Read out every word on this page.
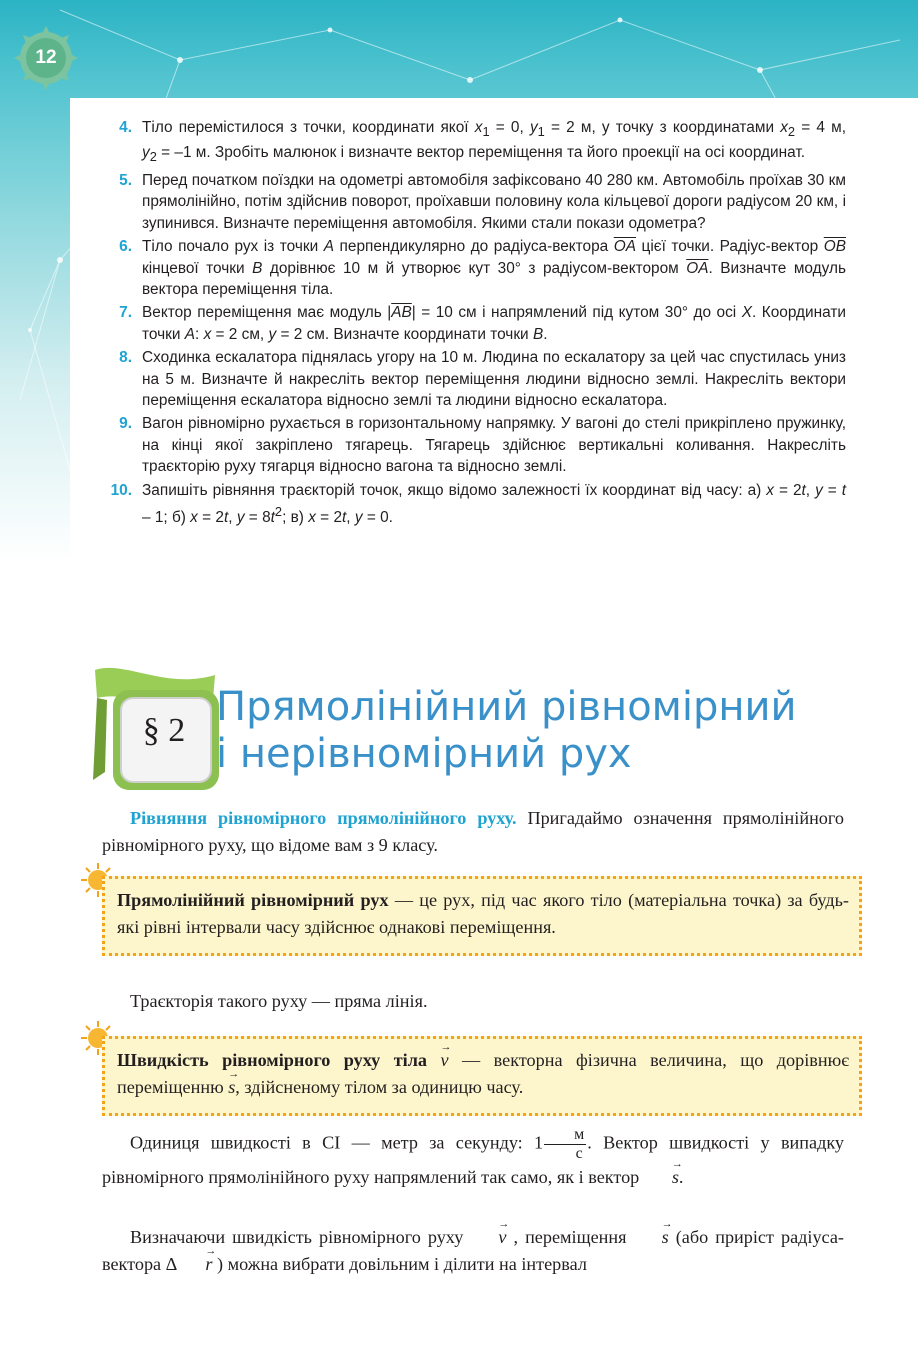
12
4. Тіло перемістилося з точки, координати якої $x_1 = 0$, $y_1 = 2$ м, у точку з координатами $x_2 = 4$ м, $y_2 = -1$ м. Зробіть малюнок і визначте вектор переміщення та його проекції на осі координат.
5. Перед початком поїздки на одометрі автомобіля зафіксовано 40 280 км. Автомобіль проїхав 30 км прямолінійно, потім здійснив поворот, проїхавши половину кола кільцевої дороги радіусом 20 км, і зупинився. Визначте переміщення автомобіля. Якими стали покази одометра?
6. Тіло почало рух із точки A перпендикулярно до радіуса-вектора $\overline{OA}$ цієї точки. Радіус-вектор $\overline{OB}$ кінцевої точки B дорівнює 10 м й утворює кут 30° з радіусом-вектором $\overline{OA}$. Визначте модуль вектора переміщення тіла.
7. Вектор переміщення має модуль $|\overline{AB}| = 10$ см і напрямлений під кутом 30° до осі X. Координати точки A: x = 2 см, y = 2 см. Визначте координати точки B.
8. Сходинка ескалатора піднялась угору на 10 м. Людина по ескалатору за цей час спустилась униз на 5 м. Визначте й накресліть вектор переміщення людини відносно землі. Накресліть вектори переміщення ескалатора відносно землі та людини відносно ескалатора.
9. Вагон рівномірно рухається в горизонтальному напрямку. У вагоні до стелі прикріплено пружинку, на кінці якої закріплено тягарець. Тягарець здійснює вертикальні коливання. Накресліть траєкторію руху тягарця відносно вагона та відносно землі.
10. Запишіть рівняння траєкторій точок, якщо відомо залежності їх координат від часу: а) x = 2t, y = t – 1; б) x = 2t, $y = 8t^2$; в) x = 2t, y = 0.
§ 2
Прямолінійний рівномірний
і нерівномірний рух
Рівняння рівномірного прямолінійного руху. Пригадаймо означення прямолінійного рівномірного руху, що відоме вам з 9 класу.
Прямолінійний рівномірний рух — це рух, під час якого тіло (матеріальна точка) за будь-які рівні інтервали часу здійснює однакові переміщення.
Траєкторія такого руху — пряма лінія.
Швидкість рівномірного руху тіла → v — векторна фізична величина, що дорівнює переміщенню → s, здійсненому тілом за одиницю часу.
Одиниця швидкості в СІ — метр за секунду: $1 \frac{м}{с}$ . Вектор швидкості у випадку рівномірного прямолінійного руху напрямлений так само, як і вектор → s.
Визначаючи швидкість рівномірного руху → v , переміщення → s (або приріст радіуса-вектора Δ → r ) можна вибрати довільним і ділити на інтервал
